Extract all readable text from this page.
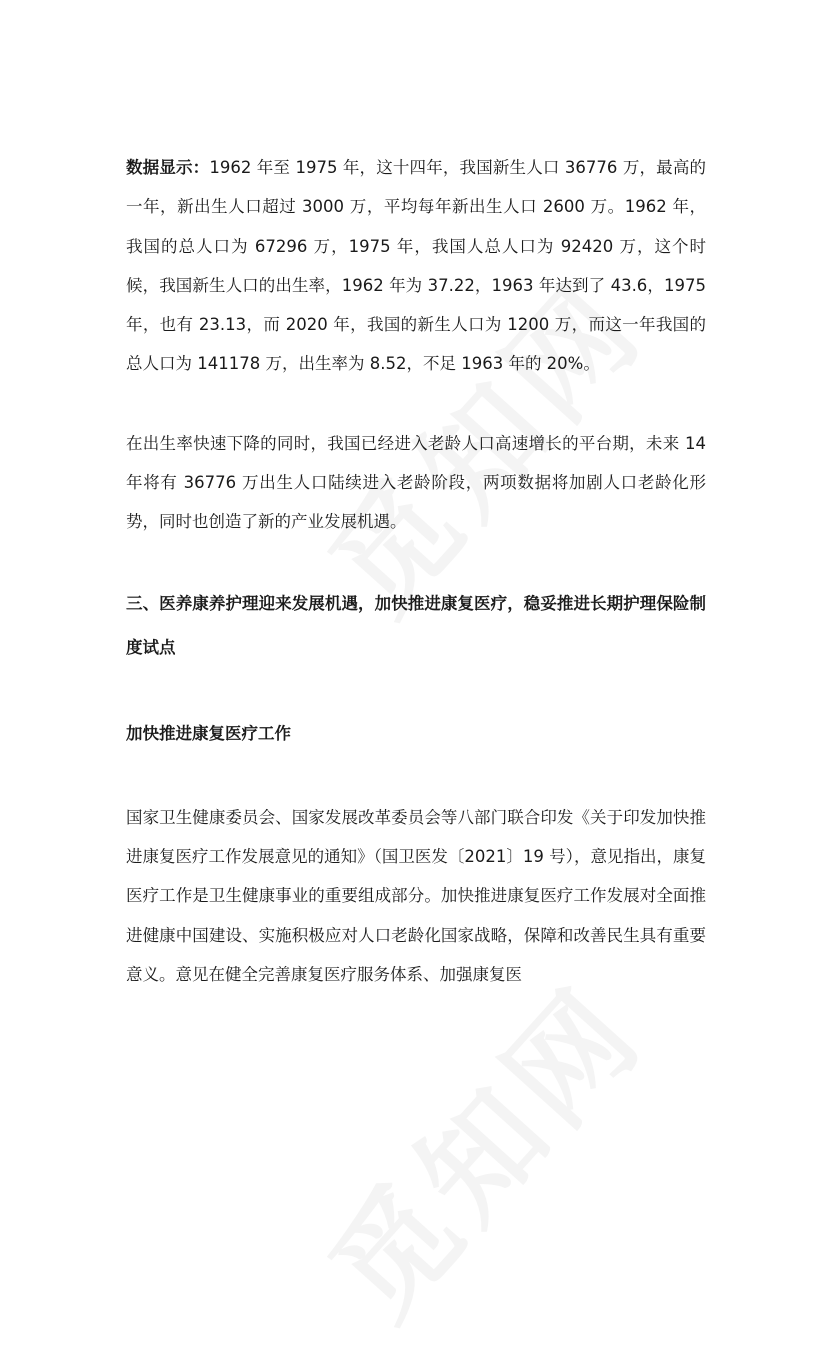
数据显示：1962 年至 1975 年，这十四年，我国新生人口 36776 万，最高的一年，新出生人口超过 3000 万，平均每年新出生人口 2600 万。1962 年，我国的总人口为 67296 万，1975 年，我国人总人口为 92420 万，这个时候，我国新生人口的出生率，1962 年为 37.22，1963 年达到了 43.6，1975 年，也有 23.13，而 2020 年，我国的新生人口为 1200 万，而这一年我国的总人口为 141178 万，出生率为 8.52，不足 1963 年的 20%。

在出生率快速下降的同时，我国已经进入老龄人口高速增长的平台期，未来 14 年将有 36776 万出生人口陆续进入老龄阶段，两项数据将加剧人口老龄化形势，同时也创造了新的产业发展机遇。

三、医养康养护理迎来发展机遇，加快推进康复医疗，稳妥推进长期护理保险制度试点

加快推进康复医疗工作

国家卫生健康委员会、国家发展改革委员会等八部门联合印发《关于印发加快推进康复医疗工作发展意见的通知》（国卫医发〔2021〕19 号），意见指出，康复医疗工作是卫生健康事业的重要组成部分。加快推进康复医疗工作发展对全面推进健康中国建设、实施积极应对人口老龄化国家战略，保障和改善民生具有重要意义。意见在健全完善康复医疗服务体系、加强康复医
